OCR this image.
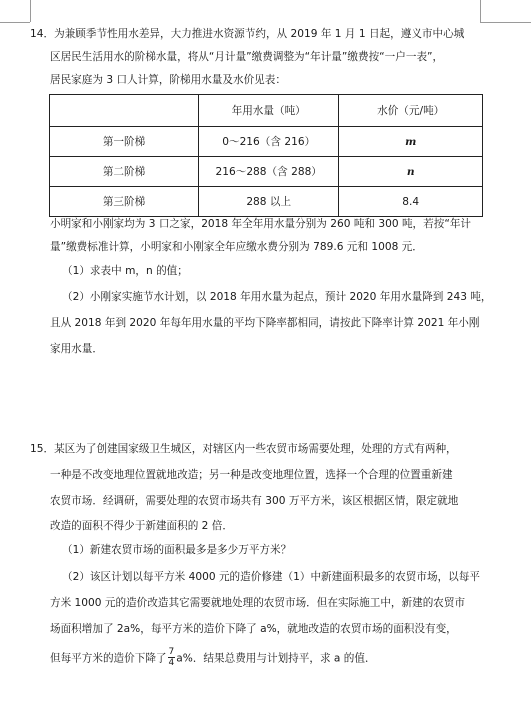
14．为兼顾季节性用水差异，大力推进水资源节约，从 2019 年 1 月 1 日起，遵义市中心城
区居民生活用水的阶梯水量，将从“月计量”缴费调整为“年计量”缴费按“一户一表”，
居民家庭为 3 口人计算，阶梯用水量及水价见表：
	年用水量（吨）	水价（元/吨）
第一阶梯	0～216（含 216）	m
第二阶梯	216～288（含 288）	n
第三阶梯	288 以上	8.4
小明家和小刚家均为 3 口之家，2018 年全年用水量分别为 260 吨和 300 吨，若按“年计
量”缴费标准计算，小明家和小刚家全年应缴水费分别为 789.6 元和 1008 元．
（1）求表中 m，n 的值；
（2）小刚家实施节水计划，以 2018 年用水量为起点，预计 2020 年用水量降到 243 吨，
且从 2018 年到 2020 年每年用水量的平均下降率都相同，请按此下降率计算 2021 年小刚
家用水量．
15．某区为了创建国家级卫生城区，对辖区内一些农贸市场需要处理，处理的方式有两种，
一种是不改变地理位置就地改造；另一种是改变地理位置，选择一个合理的位置重新建
农贸市场．经调研，需要处理的农贸市场共有 300 万平方米，该区根据区情，限定就地
改造的面积不得少于新建面积的 2 倍．
（1）新建农贸市场的面积最多是多少万平方米？
（2）该区计划以每平方米 4000 元的造价修建（1）中新建面积最多的农贸市场，以每平
方米 1000 元的造价改造其它需要就地处理的农贸市场．但在实际施工中，新建的农贸市
场面积增加了 2a%，每平方米的造价下降了 a%，就地改造的农贸市场的面积没有变，
但每平方米的造价下降了 $\frac{7}{4} a\%$．结果总费用与计划持平，求 a 的值．
